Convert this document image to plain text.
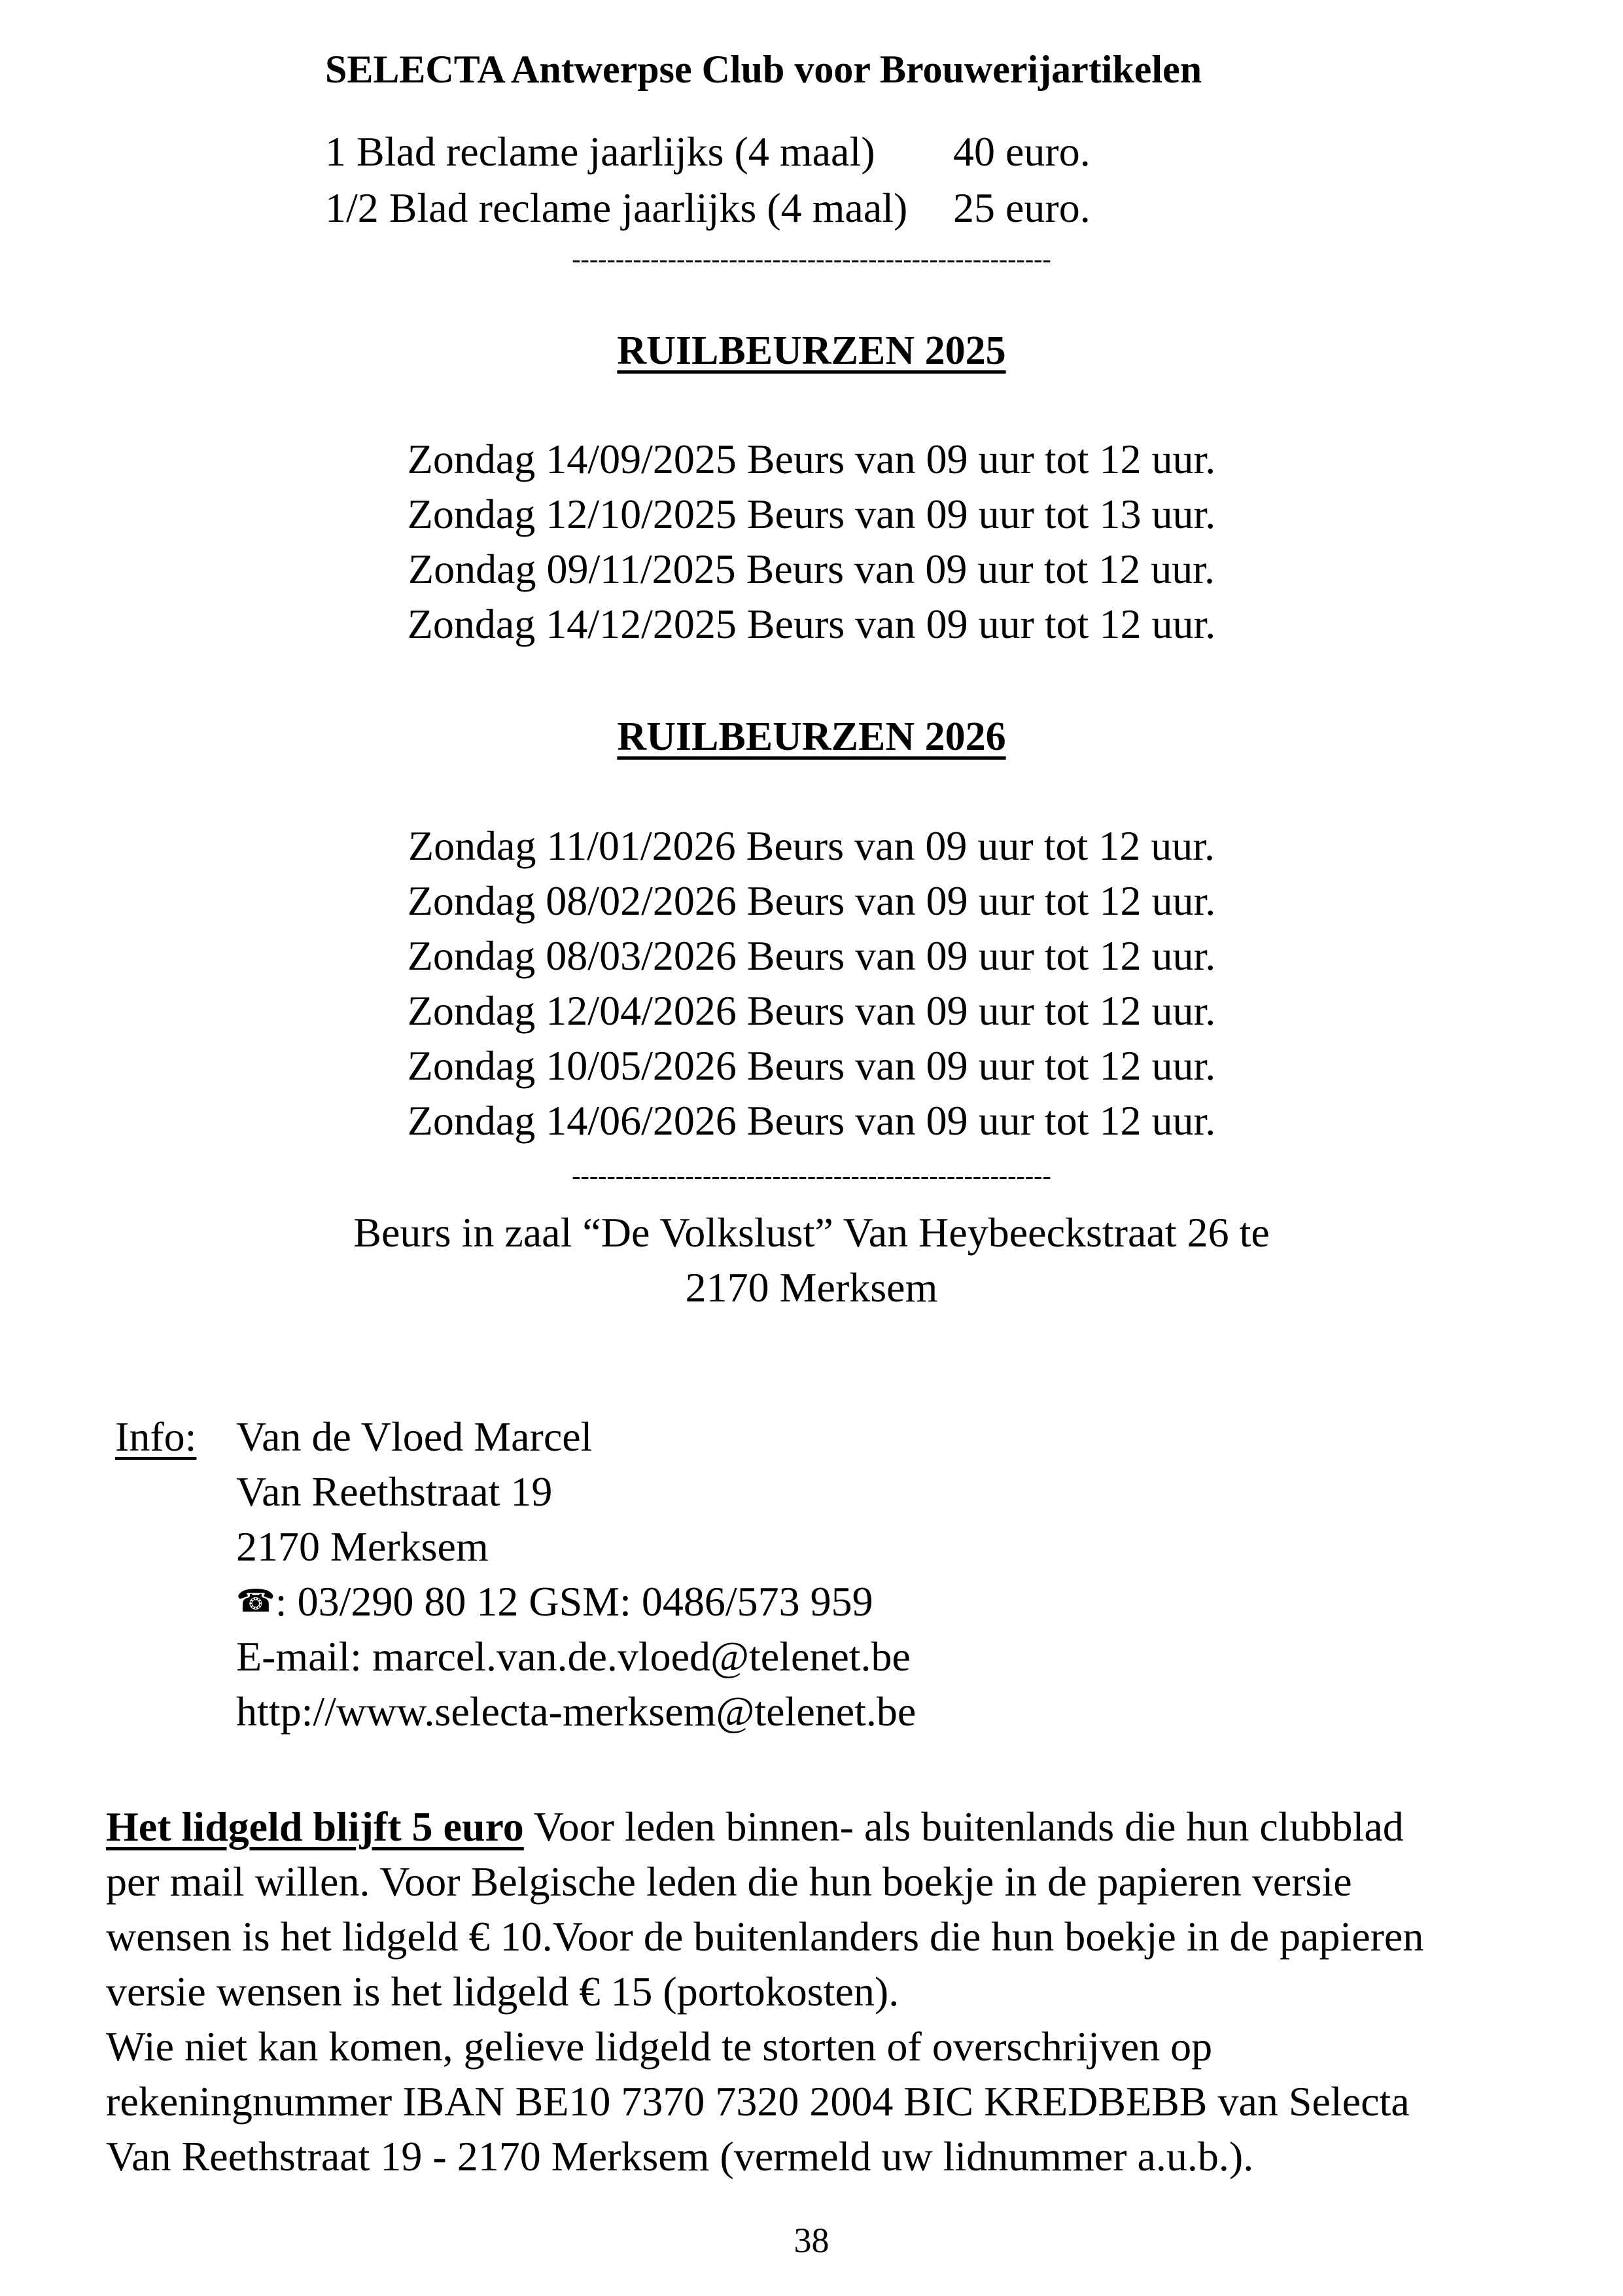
SELECTA Antwerpse Club voor Brouwerijartikelen
1 Blad reclame jaarlijks (4 maal)	40 euro.
1/2 Blad reclame jaarlijks (4 maal)	25 euro.
-------------------------------------------------------
RUILBEURZEN 2025
Zondag 14/09/2025 Beurs van 09 uur tot 12 uur.
Zondag 12/10/2025 Beurs van 09 uur tot 13 uur.
Zondag 09/11/2025 Beurs van 09 uur tot 12 uur.
Zondag 14/12/2025 Beurs van 09 uur tot 12 uur.
RUILBEURZEN 2026
Zondag 11/01/2026 Beurs van 09 uur tot 12 uur.
Zondag 08/02/2026 Beurs van 09 uur tot 12 uur.
Zondag 08/03/2026 Beurs van 09 uur tot 12 uur.
Zondag 12/04/2026 Beurs van 09 uur tot 12 uur.
Zondag 10/05/2026 Beurs van 09 uur tot 12 uur.
Zondag 14/06/2026 Beurs van 09 uur tot 12 uur.
-------------------------------------------------------
Beurs in zaal “De Volkslust” Van Heybeeckstraat 26 te
2170 Merksem
Info: Van de Vloed Marcel
Van Reethstraat 19
2170 Merksem
☎ : 03/290 80 12 GSM: 0486/573 959
E-mail: marcel.van.de.vloed@telenet.be
http://www.selecta-merksem@telenet.be
Het lidgeld blijft 5 euro Voor leden binnen- als buitenlands die hun clubblad
per mail willen. Voor Belgische leden die hun boekje in de papieren versie
wensen is het lidgeld € 10.Voor de buitenlanders die hun boekje in de papieren
versie wensen is het lidgeld € 15 (portokosten).
Wie niet kan komen, gelieve lidgeld te storten of overschrijven op
rekeningnummer IBAN BE10 7370 7320 2004 BIC KREDBEBB van Selecta
Van Reethstraat 19 - 2170 Merksem (vermeld uw lidnummer a.u.b.).
38
